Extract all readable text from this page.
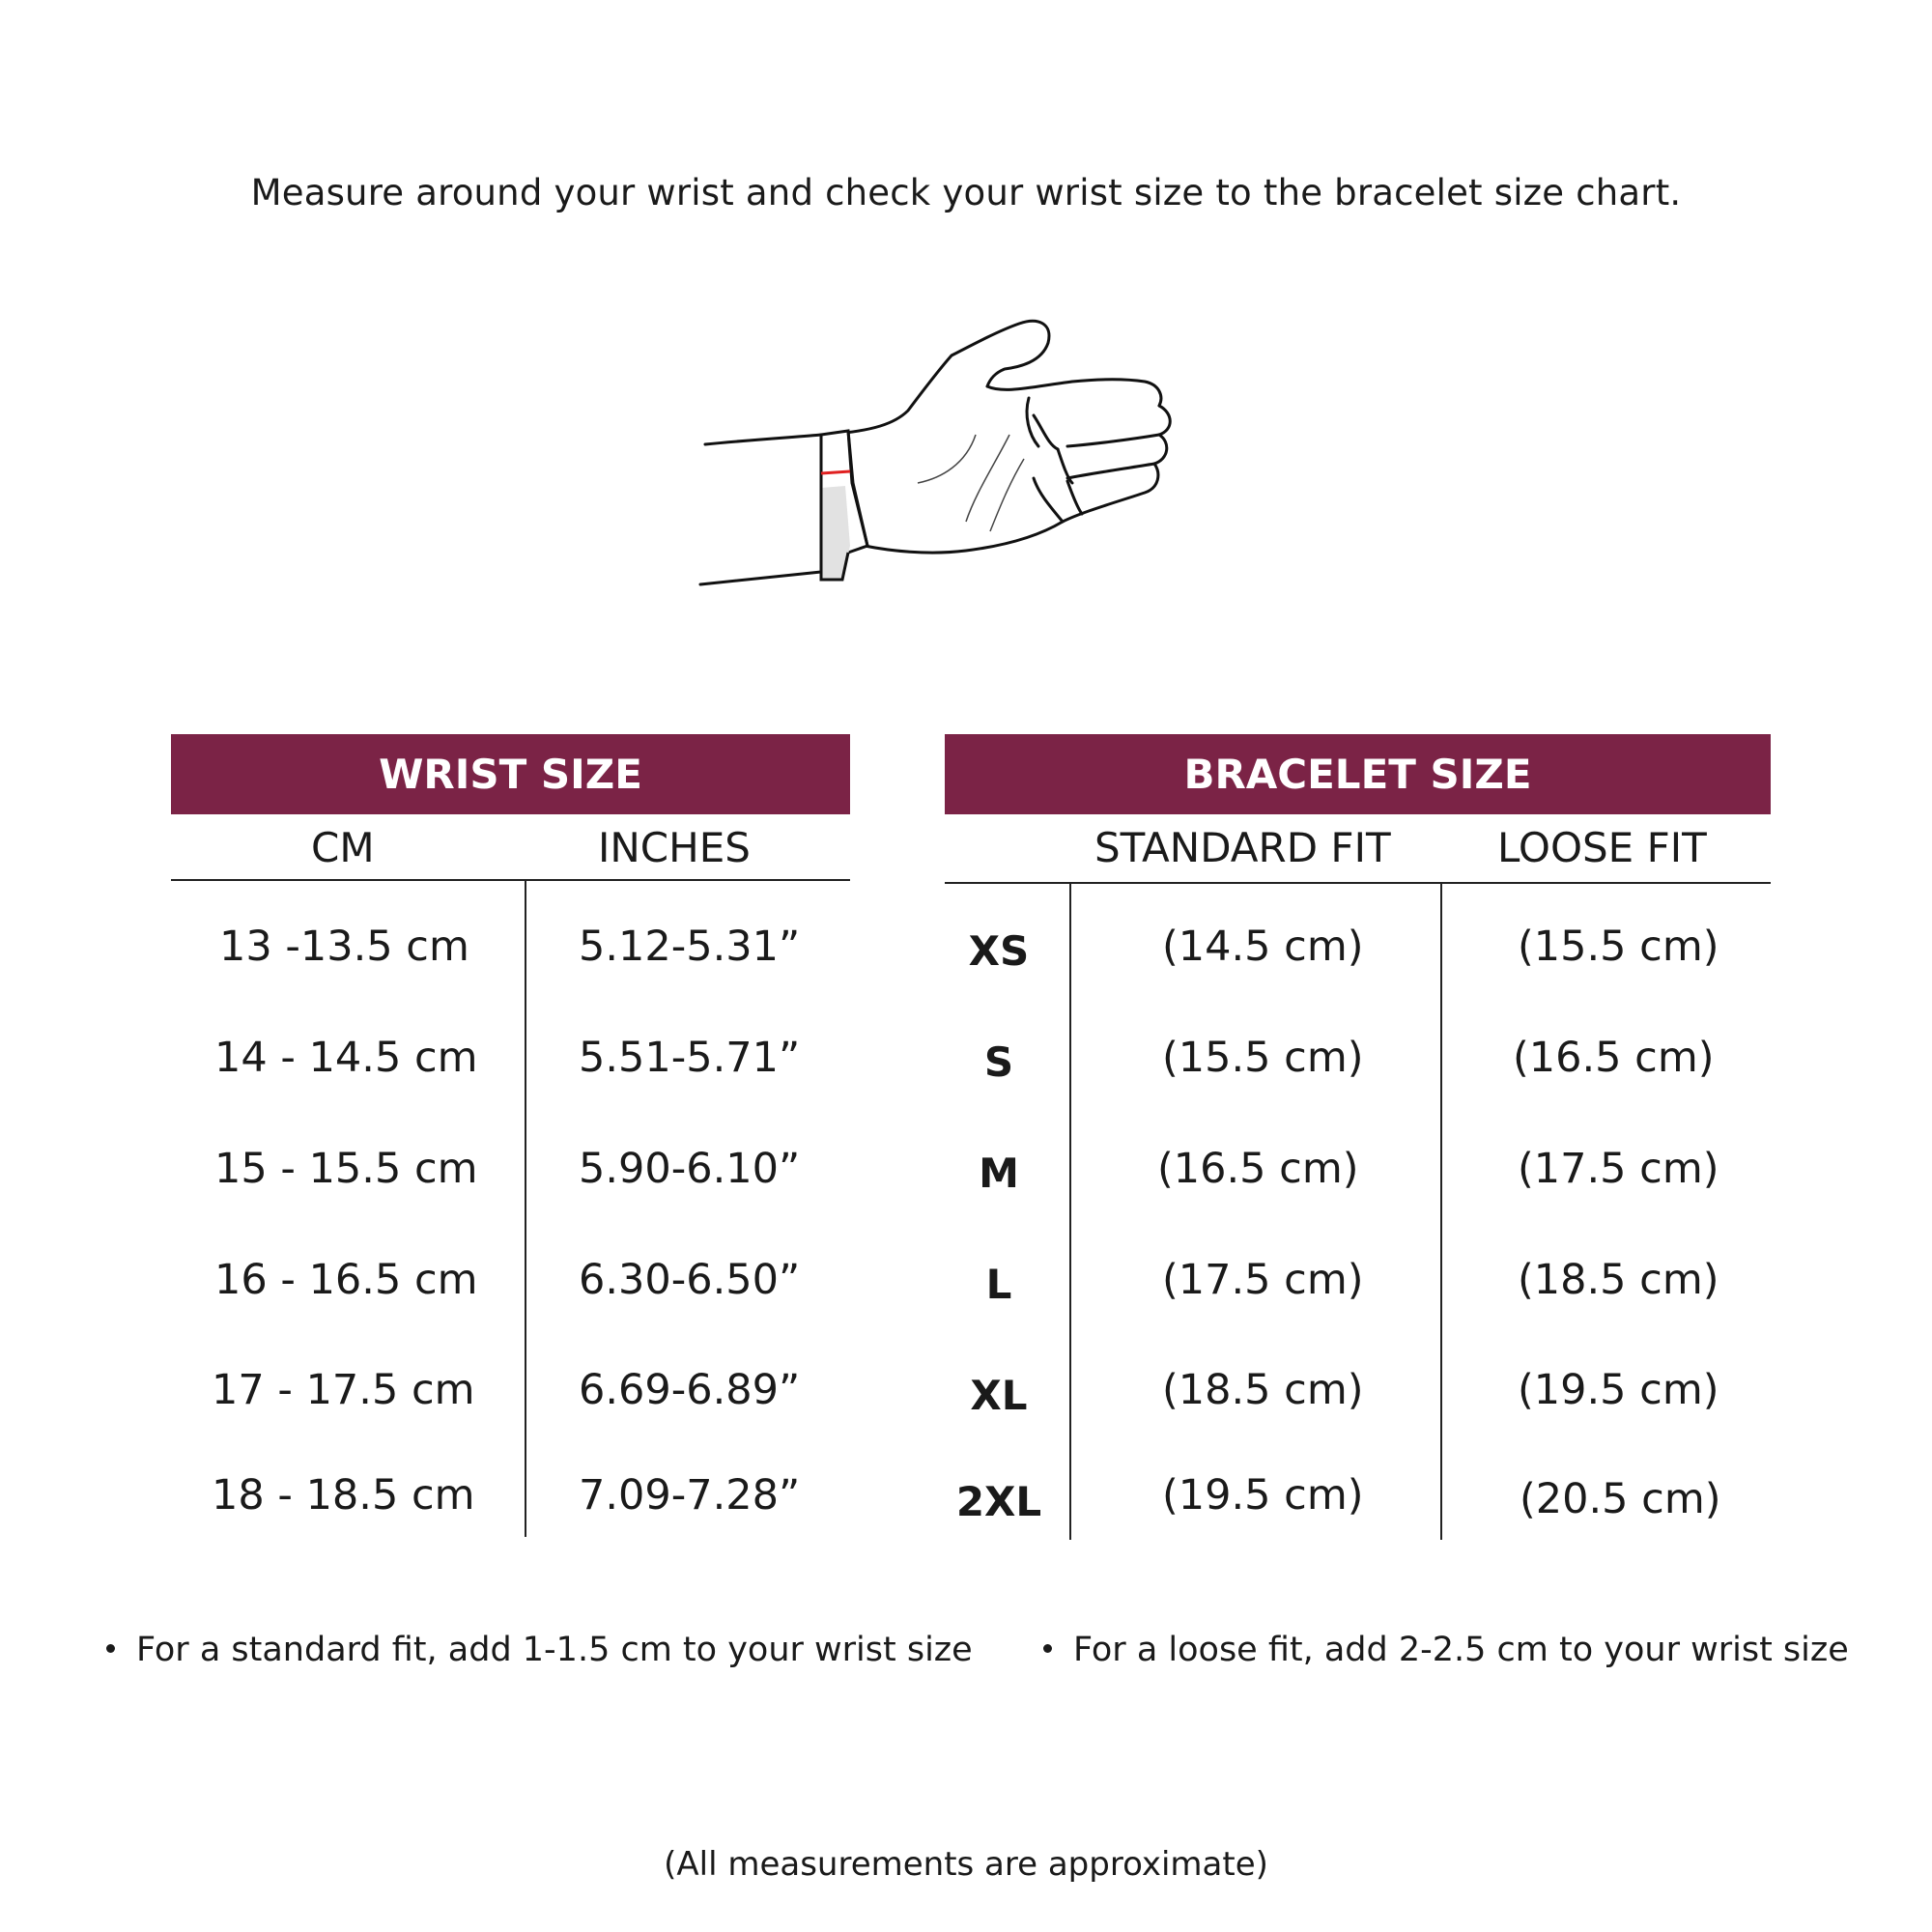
Measure around your wrist and check your wrist size to the bracelet size chart.
WRIST SIZE
CM	INCHES
13 -13.5 cm	5.12-5.31”
14 - 14.5 cm 5.51-5.71”
15 - 15.5 cm 5.90-6.10”
16 - 16.5 cm 6.30-6.50”
17 - 17.5 cm 6.69-6.89”
18 - 18.5 cm 7.09-7.28”
BRACELET SIZE
STANDARD FIT	LOOSE FIT
XS	(14.5 cm)	(15.5 cm)
S	(15.5 cm)	(16.5 cm)
M	(16.5 cm)	(17.5 cm)
L	(17.5 cm)	(18.5 cm)
XL	(18.5 cm)	(19.5 cm)
2XL	(19.5 cm)	(20.5 cm)
For a standard fit, add 1-1.5 cm to your wrist size	For a loose fit, add 2-2.5 cm to your wrist size
(All measurements are approximate)
